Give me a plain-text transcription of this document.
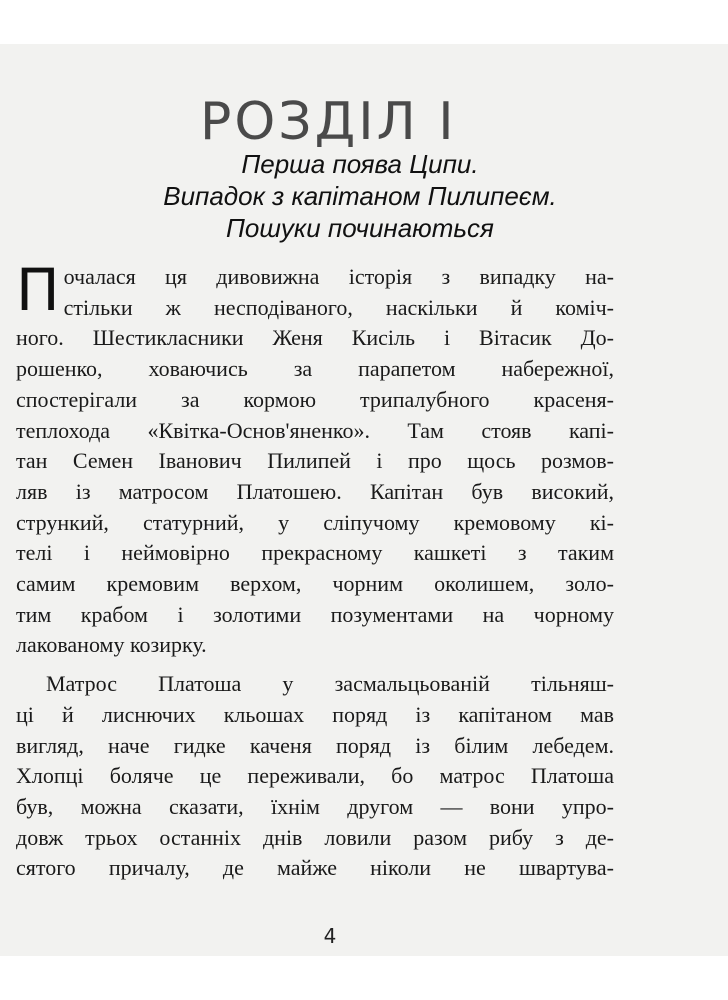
РОЗДІЛ І
Перша поява Ципи.
Випадок з капітаном Пилипеєм.
Пошуки починаються
П очалася ця дивовижна історія з випадку на-
стільки ж несподіваного, наскільки й коміч-
ного. Шестикласники Женя Кисіль і Вітасик До-
рошенко, ховаючись за парапетом набережної,
спостерігали за кормою трипалубного красеня-
теплохода «Квітка-Основ'яненко». Там стояв капі-
тан Семен Іванович Пилипей і про щось розмов-
ляв із матросом Платошею. Капітан був високий,
стрункий, статурний, у сліпучому кремовому кі-
телі і неймовірно прекрасному кашкеті з таким
самим кремовим верхом, чорним околишем, золо-
тим крабом і золотими позументами на чорному
лакованому козирку.
Матрос Платоша у засмальцьованій тільняш-
ці й лиснючих кльошах поряд із капітаном мав
вигляд, наче гидке каченя поряд із білим лебедем.
Хлопці боляче це переживали, бо матрос Платоша
був, можна сказати, їхнім другом — вони упро-
довж трьох останніх днів ловили разом рибу з де-
сятого причалу, де майже ніколи не швартува-
4
